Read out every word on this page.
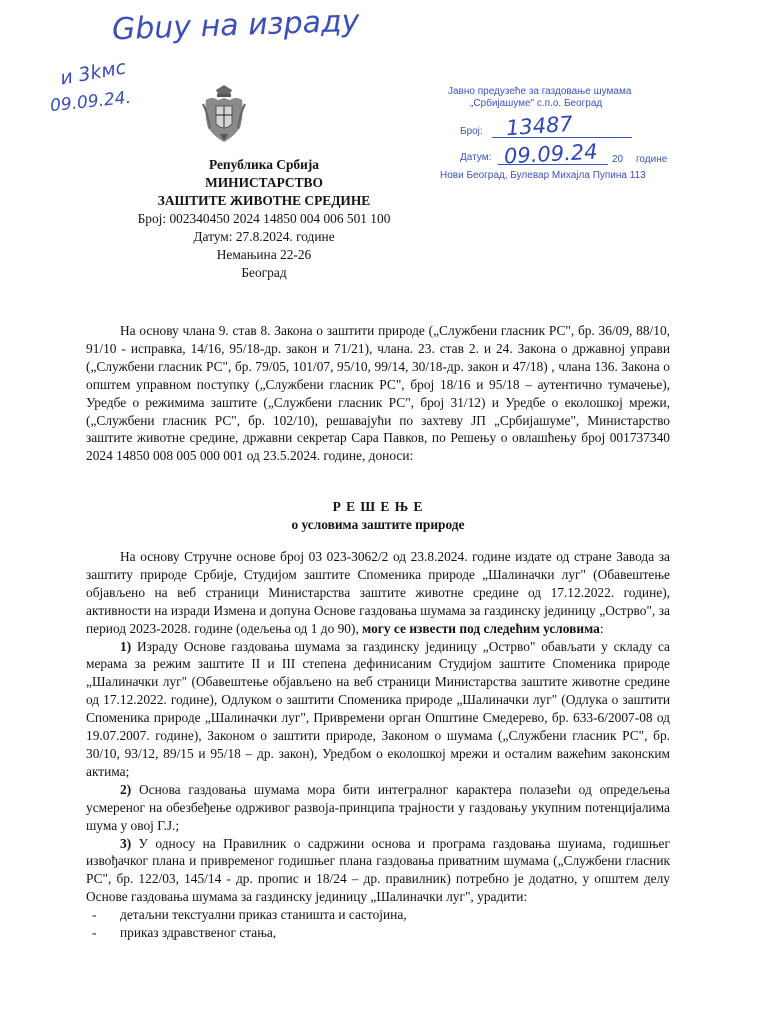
Gbuy на израду
и 3kмс
09.09.24.
Република Србија
МИНИСТАРСТВО
ЗАШТИТЕ ЖИВОТНЕ СРЕДИНЕ
Број: 002340450 2024 14850 004 006 501 100
Датум: 27.8.2024. године
Немањина 22-26
Београд
Јавно предузеће за газдовање шумама
„Србијашуме" с.п.о. Београд
Број: 13487
Датум: 09.09.24 20 године
Нови Београд, Булевар Михајла Пупина 113

На основу члана 9. став 8. Закона о заштити природе („Службени гласник РС", бр. 36/09, 88/10, 91/10 - исправка, 14/16, 95/18-др. закон и 71/21), члана. 23. став 2. и 24. Закона о државној управи („Службени гласник РС", бр. 79/05, 101/07, 95/10, 99/14, 30/18-др. закон и 47/18) , члана 136. Закона о општем управном поступку („Службени гласник РС", број 18/16 и 95/18 – аутентично тумачење), Уредбе о режимима заштите („Службени гласник РС", број 31/12) и Уредбе о еколошкој мрежи, („Службени гласник РС", бр. 102/10), решавајући по захтеву ЈП „Србијашуме", Министарство заштите животне средине, државни секретар Сара Павков, по Решењу о овлашћењу број 001737340 2024 14850 008 005 000 001 од 23.5.2024. године, доноси:

Р Е Ш Е Њ Е
о условима заштите природе

На основу Стручне основе број 03 023-3062/2 од 23.8.2024. године издате од стране Завода за заштиту природе Србије, Студијом заштите Споменика природе „Шалиначки луг" (Обавештење објављено на веб страници Министарства заштите животне средине од 17.12.2022. године), активности на изради Измена и допуна Основе газдовања шумама за газдинску јединицу „Острво", за период 2023-2028. године (одељења од 1 до 90), могу се извести под следећим условима:

1) Израду Основе газдовања шумама за газдинску јединицу „Острво" обављати у складу са мерама за режим заштите II и III степена дефинисаним Студијом заштите Споменика природе „Шалиначки луг" (Обавештење објављено на веб страници Министарства заштите животне средине од 17.12.2022. године), Одлуком о заштити Споменика природе „Шалиначки луг" (Одлука о заштити Споменика природе „Шалиначки луг", Привремени орган Општине Смедерево, бр. 633-6/2007-08 од 19.07.2007. године), Законом о заштити природе, Законом о шумама („Службени гласник РС", бр. 30/10, 93/12, 89/15 и 95/18 – др. закон), Уредбом о еколошкој мрежи и осталим важећим законским актима;

2) Основа газдовања шумама мора бити интегралног карактера полазећи од опредељења усмереног на обезбеђење одрживог развоја-принципа трајности у газдовању укупним потенцијалима шума у овој Г.Ј.;

3) У односу на Правилник о садржини основа и програма газдовања шуиама, годишњег извођачког плана и привременог годишњег плана газдовања приватним шумама („Службени гласник РС", бр. 122/03, 145/14 - др. пропис и 18/24 – др. правилник) потребно је додатно, у општем делу Основе газдовања шумама за газдинску јединицу „Шалиначки луг", урадити:

- детаљни текстуални приказ станишта и састојина,

- приказ здравственог стања,
